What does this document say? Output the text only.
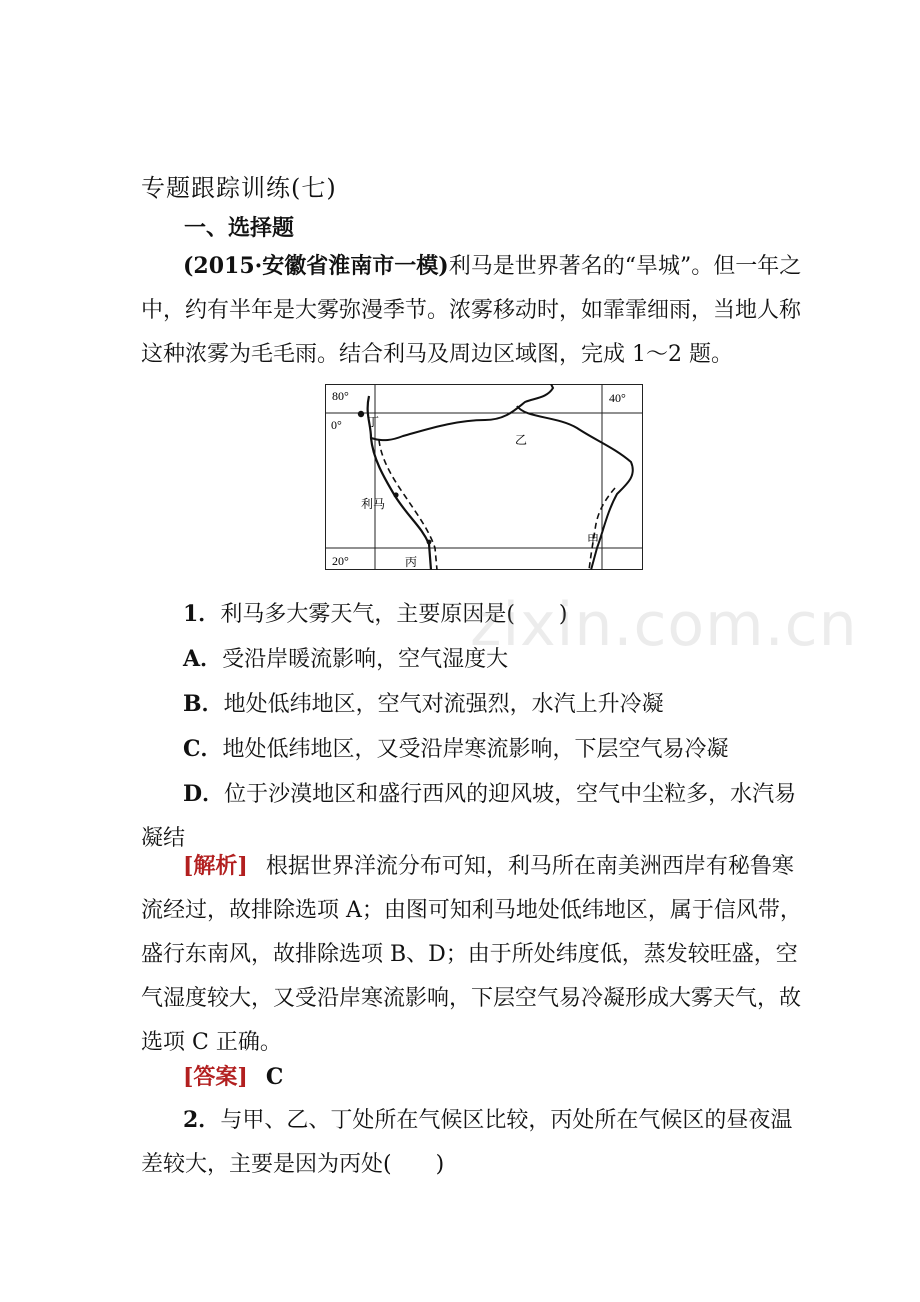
专题跟踪训练(七)
一、选择题
(2015·安徽省淮南市一模)利马是世界著名的“旱城”。但一年之
中，约有半年是大雾弥漫季节。浓雾移动时，如霏霏细雨，当地人称
这种浓雾为毛毛雨。结合利马及周边区域图，完成 1～2 题。
80°	40°
0°
20°
丁
乙
利马
丙
甲
1．利马多大雾天气，主要原因是(　　)
A．受沿岸暖流影响，空气湿度大
B．地处低纬地区，空气对流强烈，水汽上升冷凝
C．地处低纬地区，又受沿岸寒流影响，下层空气易冷凝
D．位于沙漠地区和盛行西风的迎风坡，空气中尘粒多，水汽易
凝结
[解析] 根据世界洋流分布可知，利马所在南美洲西岸有秘鲁寒
流经过，故排除选项 A；由图可知利马地处低纬地区，属于信风带，
盛行东南风，故排除选项 B、D；由于所处纬度低，蒸发较旺盛，空
气湿度较大，又受沿岸寒流影响，下层空气易冷凝形成大雾天气，故
选项 C 正确。
[答案] C
2．与甲、乙、丁处所在气候区比较，丙处所在气候区的昼夜温
差较大，主要是因为丙处(　　)
zixin.com.cn
